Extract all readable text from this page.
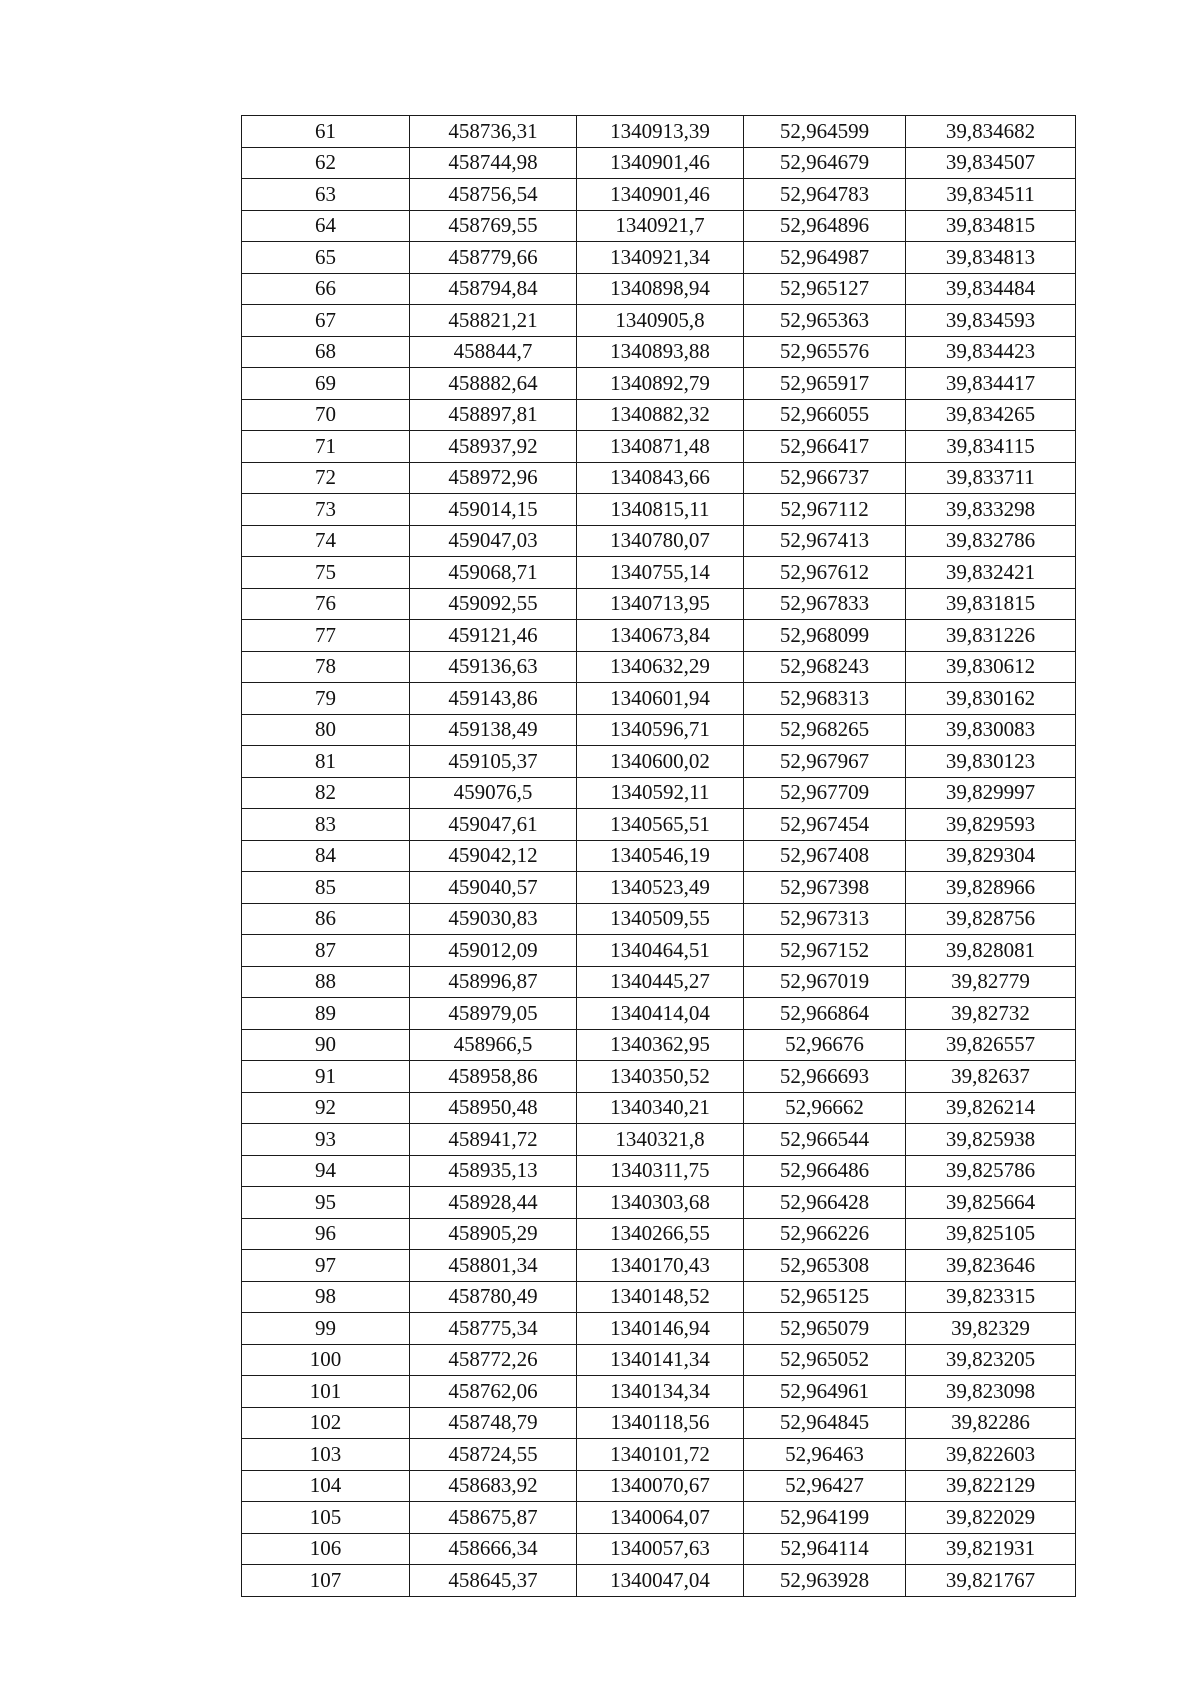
61	458736,31	1340913,39	52,964599	39,834682
62	458744,98	1340901,46	52,964679	39,834507
63	458756,54	1340901,46	52,964783	39,834511
64	458769,55	1340921,7	52,964896	39,834815
65	458779,66	1340921,34	52,964987	39,834813
66	458794,84	1340898,94	52,965127	39,834484
67	458821,21	1340905,8	52,965363	39,834593
68	458844,7	1340893,88	52,965576	39,834423
69	458882,64	1340892,79	52,965917	39,834417
70	458897,81	1340882,32	52,966055	39,834265
71	458937,92	1340871,48	52,966417	39,834115
72	458972,96	1340843,66	52,966737	39,833711
73	459014,15	1340815,11	52,967112	39,833298
74	459047,03	1340780,07	52,967413	39,832786
75	459068,71	1340755,14	52,967612	39,832421
76	459092,55	1340713,95	52,967833	39,831815
77	459121,46	1340673,84	52,968099	39,831226
78	459136,63	1340632,29	52,968243	39,830612
79	459143,86	1340601,94	52,968313	39,830162
80	459138,49	1340596,71	52,968265	39,830083
81	459105,37	1340600,02	52,967967	39,830123
82	459076,5	1340592,11	52,967709	39,829997
83	459047,61	1340565,51	52,967454	39,829593
84	459042,12	1340546,19	52,967408	39,829304
85	459040,57	1340523,49	52,967398	39,828966
86	459030,83	1340509,55	52,967313	39,828756
87	459012,09	1340464,51	52,967152	39,828081
88	458996,87	1340445,27	52,967019	39,82779
89	458979,05	1340414,04	52,966864	39,82732
90	458966,5	1340362,95	52,96676	39,826557
91	458958,86	1340350,52	52,966693	39,82637
92	458950,48	1340340,21	52,96662	39,826214
93	458941,72	1340321,8	52,966544	39,825938
94	458935,13	1340311,75	52,966486	39,825786
95	458928,44	1340303,68	52,966428	39,825664
96	458905,29	1340266,55	52,966226	39,825105
97	458801,34	1340170,43	52,965308	39,823646
98	458780,49	1340148,52	52,965125	39,823315
99	458775,34	1340146,94	52,965079	39,82329
100	458772,26	1340141,34	52,965052	39,823205
101	458762,06	1340134,34	52,964961	39,823098
102	458748,79	1340118,56	52,964845	39,82286
103	458724,55	1340101,72	52,96463	39,822603
104	458683,92	1340070,67	52,96427	39,822129
105	458675,87	1340064,07	52,964199	39,822029
106	458666,34	1340057,63	52,964114	39,821931
107	458645,37	1340047,04	52,963928	39,821767
